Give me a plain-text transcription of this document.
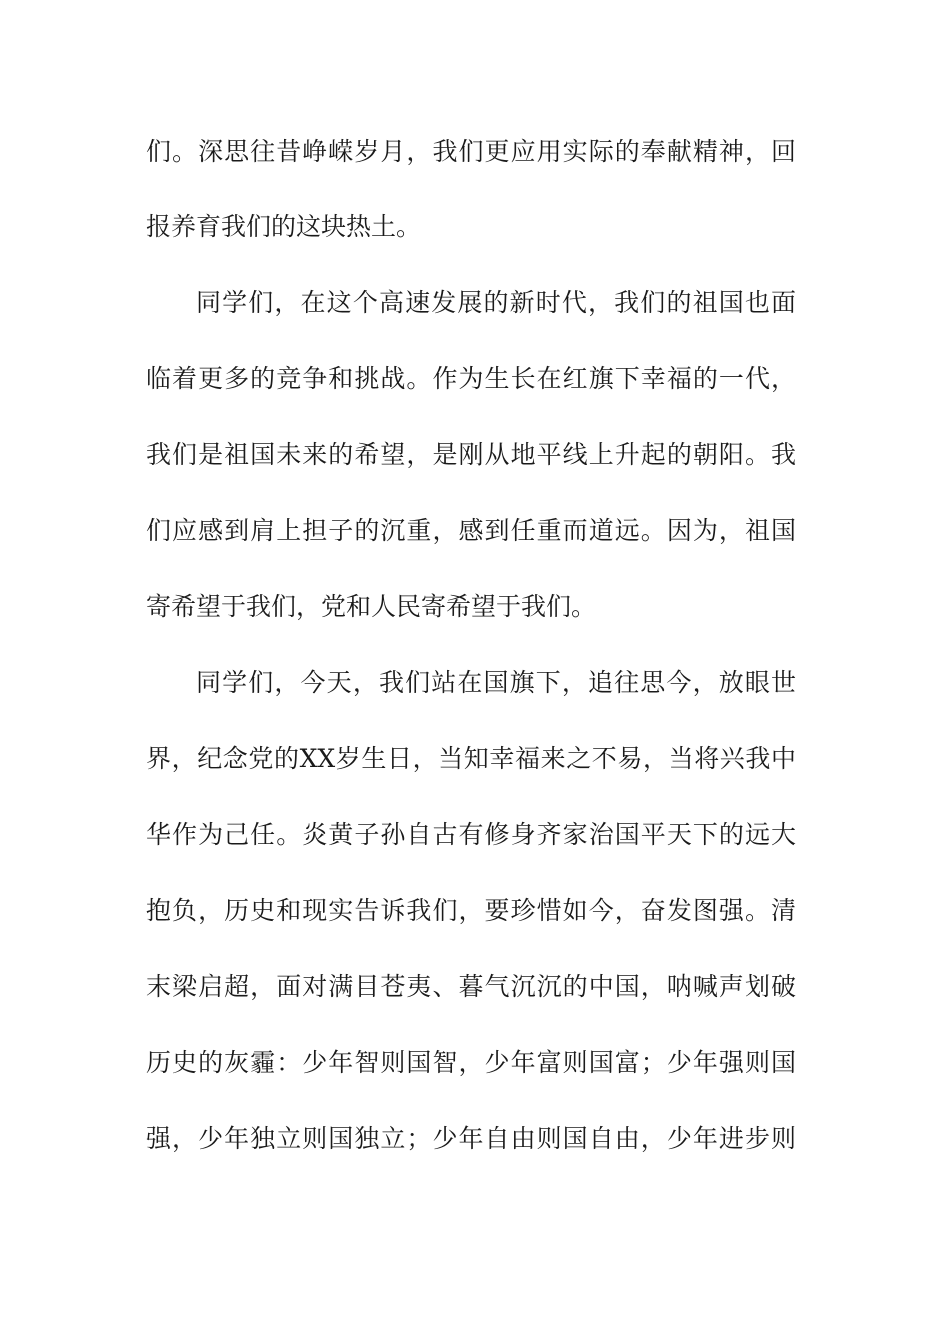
们。深思往昔峥嵘岁月，我们更应用实际的奉献精神，回
报养育我们的这块热土。
同学们，在这个高速发展的新时代，我们的祖国也面
临着更多的竞争和挑战。作为生长在红旗下幸福的一代，
我们是祖国未来的希望，是刚从地平线上升起的朝阳。我
们应感到肩上担子的沉重，感到任重而道远。因为，祖国
寄希望于我们，党和人民寄希望于我们。
同学们，今天，我们站在国旗下，追往思今，放眼世
界，纪念党的XX岁生日，当知幸福来之不易，当将兴我中
华作为己任。炎黄子孙自古有修身齐家治国平天下的远大
抱负，历史和现实告诉我们，要珍惜如今，奋发图强。清
末梁启超，面对满目苍夷、暮气沉沉的中国，呐喊声划破
历史的灰霾：少年智则国智，少年富则国富；少年强则国
强，少年独立则国独立；少年自由则国自由，少年进步则
